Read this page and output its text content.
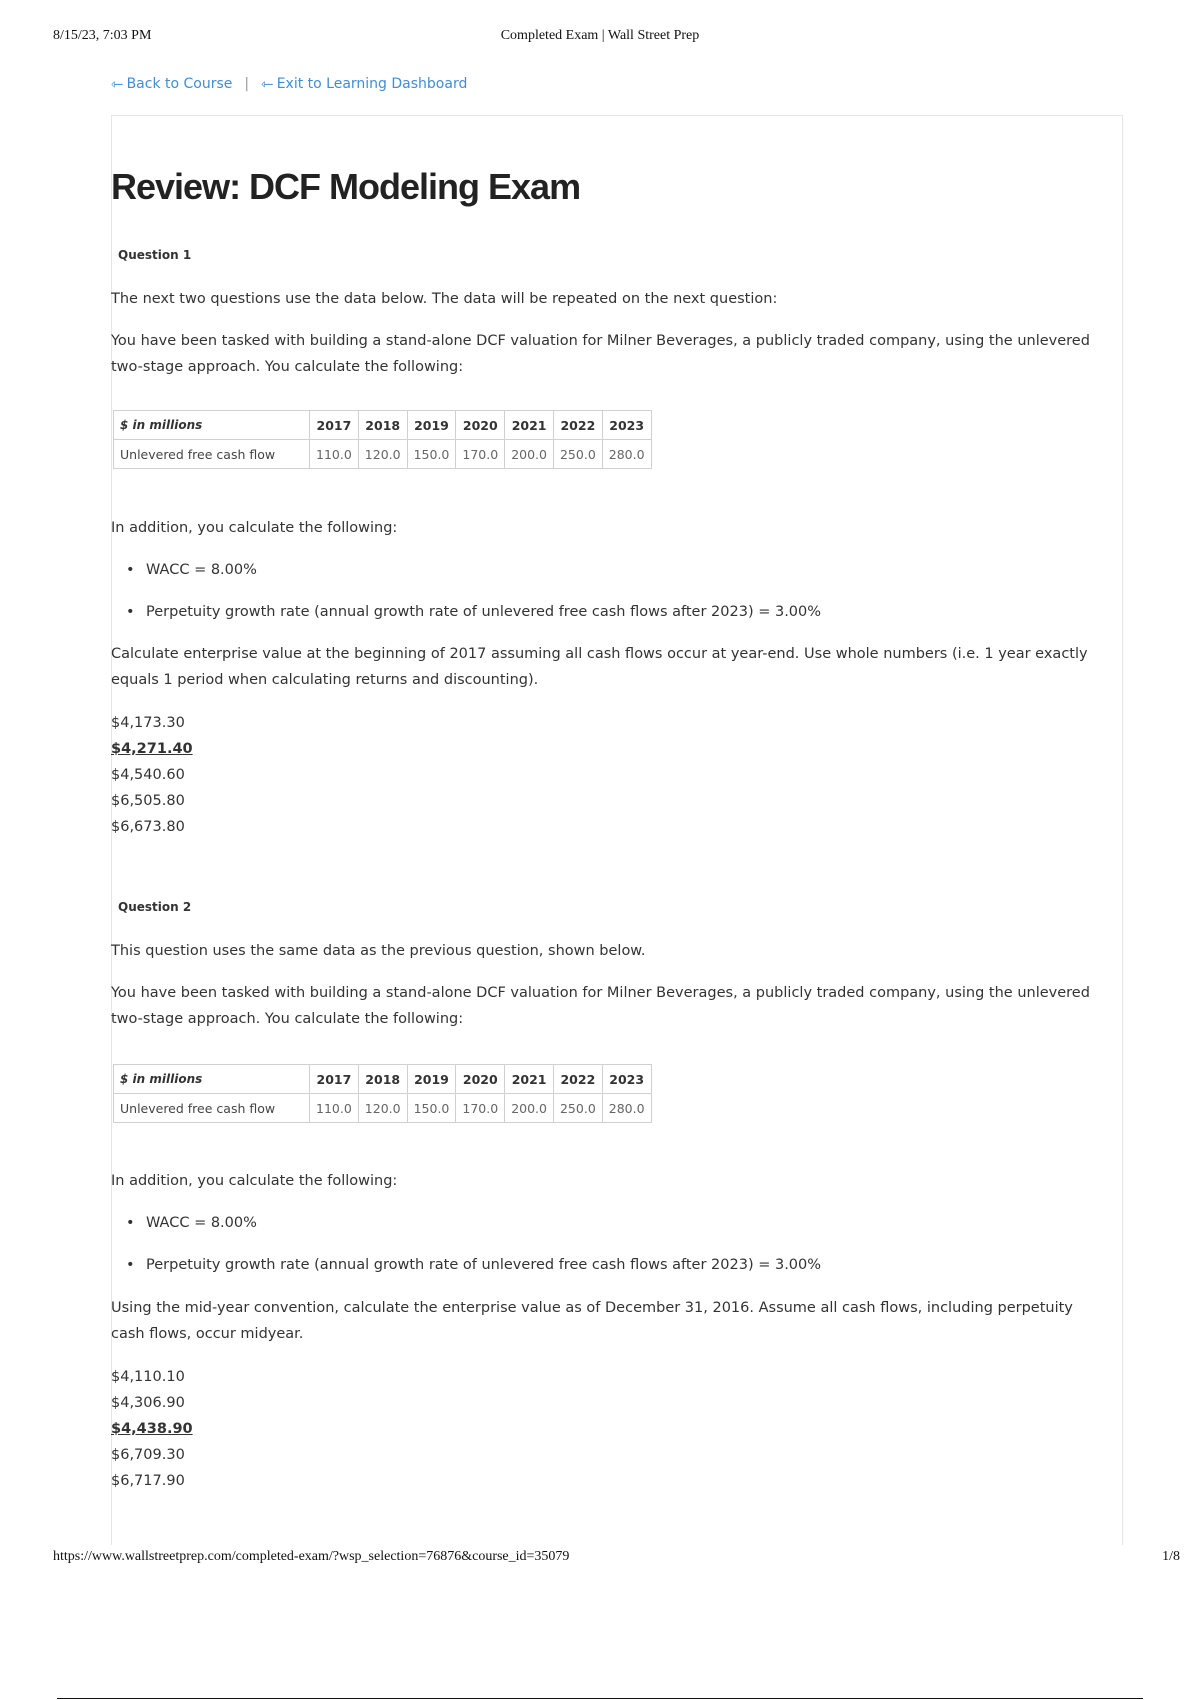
8/15/23, 7:03 PM	Completed Exam | Wall Street Prep
⇽ Back to Course | ⇽ Exit to Learning Dashboard
Review: DCF Modeling Exam
Question 1

The next two questions use the data below. The data will be repeated on the next question:

You have been tasked with building a stand-alone DCF valuation for Milner Beverages, a publicly traded company, using the unlevered two-stage approach. You calculate the following:

$ in millions	2017	2018	2019	2020	2021	2022	2023
Unlevered free cash flow	110.0	120.0	150.0	170.0	200.0	250.0	280.0

In addition, you calculate the following:

• WACC = 8.00%
• Perpetuity growth rate (annual growth rate of unlevered free cash flows after 2023) = 3.00%

Calculate enterprise value at the beginning of 2017 assuming all cash flows occur at year-end. Use whole numbers (i.e. 1 year exactly equals 1 period when calculating returns and discounting).

$4,173.30
$4,271.40
$4,540.60
$6,505.80
$6,673.80
Question 2

This question uses the same data as the previous question, shown below.

You have been tasked with building a stand-alone DCF valuation for Milner Beverages, a publicly traded company, using the unlevered two-stage approach. You calculate the following:

$ in millions	2017	2018	2019	2020	2021	2022	2023
Unlevered free cash flow	110.0	120.0	150.0	170.0	200.0	250.0	280.0

In addition, you calculate the following:

• WACC = 8.00%
• Perpetuity growth rate (annual growth rate of unlevered free cash flows after 2023) = 3.00%

Using the mid-year convention, calculate the enterprise value as of December 31, 2016. Assume all cash flows, including perpetuity cash flows, occur midyear.

$4,110.10
$4,306.90
$4,438.90
$6,709.30
$6,717.90
https://www.wallstreetprep.com/completed-exam/?wsp_selection=76876&course_id=35079	1/8
